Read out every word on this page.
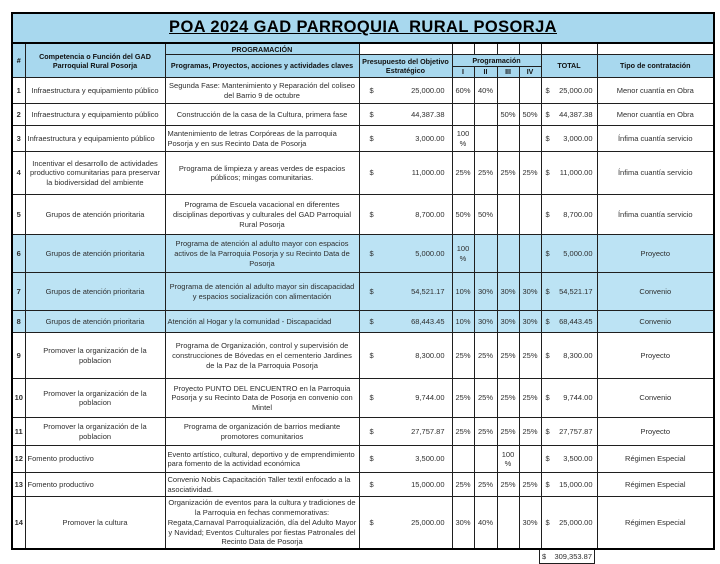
POA 2024 GAD PARROQUIA  RURAL POSORJA									
#	Competencia o Función del GAD Parroquial Rural Posorja	PROGRAMACIÓN							
		Programas, Proyectos, acciones y actividades claves	Presupuesto del Objetivo Estratégico	Programación				TOTAL	Tipo de contratación
				I	II	III	IV		
1	Infraestructura y equipamiento público	Segunda Fase: Mantenimiento y Reparación del coliseo del Barrio 9 de octubre	$ 25,000.00	60%	40%			$ 25,000.00	Menor cuantía en Obra
2	Infraestructura y equipamiento público	Construcción de la casa de la Cultura, primera fase	$ 44,387.38			50%	50%	$ 44,387.38	Menor cuantía en Obra
3	Infraestructura y equipamiento público	Mantenimiento de letras Corpóreas de la parroquia Posorja y en sus Recinto Data de Posorja	$ 3,000.00	100%				$ 3,000.00	Ínfima cuantía servicio
4	Incentivar el desarrollo de actividades productivo comunitarias para preservar la biodiversidad del ambiente	Programa de limpieza y areas verdes de espacios públicos; mingas comunitarias.	$ 11,000.00	25%	25%	25%	25%	$ 11,000.00	Ínfima cuantía servicio
5	Grupos de atención prioritaria	Programa de Escuela vacacional en diferentes disciplinas deportivas y culturales del GAD Parroquial Rural Posorja	$ 8,700.00	50%	50%			$ 8,700.00	Ínfima cuantía servicio
6	Grupos de atención prioritaria	Programa de atención al adulto mayor con espacios activos de la Parroquia Posorja y su Recinto Data de Posorja	$ 5,000.00	100%				$ 5,000.00	Proyecto
7	Grupos de atención prioritaria	Programa de atención al adulto mayor sin discapacidad y espacios socialización con alimentación	$ 54,521.17	10%	30%	30%	30%	$ 54,521.17	Convenio
8	Grupos de atención prioritaria	Atención al Hogar y la comunidad - Discapacidad	$ 68,443.45	10%	30%	30%	30%	$ 68,443.45	Convenio
9	Promover la organización de la poblacion	Programa de Organización, control y supervisión de construcciones de Bóvedas en el cementerio Jardines de la Paz de la Parroquia Posorja	$ 8,300.00	25%	25%	25%	25%	$ 8,300.00	Proyecto
10	Promover la organización de la poblacion	Proyecto PUNTO DEL ENCUENTRO en la Parroquia Posorja y su Recinto Data de Posorja en convenio con Mintel	$ 9,744.00	25%	25%	25%	25%	$ 9,744.00	Convenio
11	Promover la organización de la poblacion	Programa de organización de barrios mediante promotores comunitarios	$ 27,757.87	25%	25%	25%	25%	$ 27,757.87	Proyecto
12	Fomento productivo	Evento artístico, cultural, deportivo y de emprendimiento para fomento de la actividad económica	$ 3,500.00			100%		$ 3,500.00	Régimen Especial
13	Fomento productivo	Convenio Nobis Capacitación Taller textil enfocado a la asociatividad.	$ 15,000.00	25%	25%	25%	25%	$ 15,000.00	Régimen Especial
14	Promover la cultura	Organización de eventos para la cultura y tradiciones de la Parroquia en fechas conmemorativas: Regata,Carnaval Parroquialización, día del Adulto Mayor y Navidad; Eventos Culturales por fiestas Patronales del Recinto Data de Posorja	$ 25,000.00	30%	40%		30%	$ 25,000.00	Régimen Especial
$ 309,353.87
